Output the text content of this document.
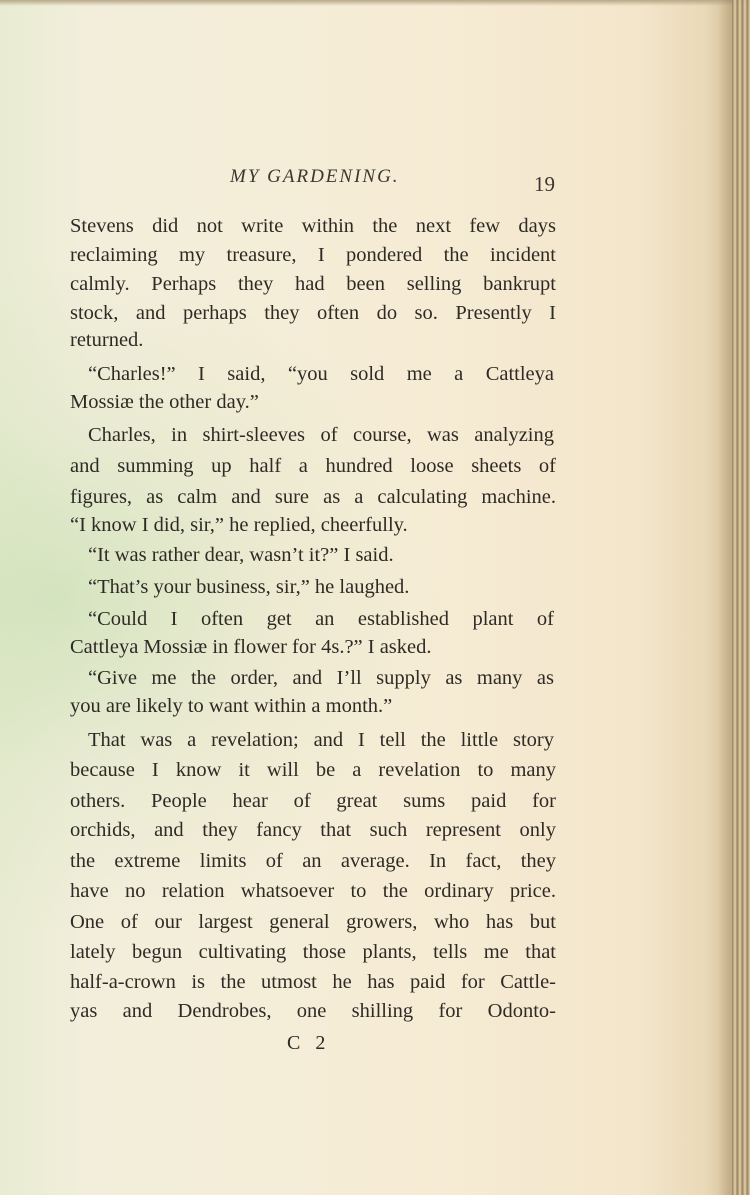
MY GARDENING.	19
Stevens did not write within the next few days
reclaiming my treasure, I pondered the incident
calmly. Perhaps they had been selling bankrupt
stock, and perhaps they often do so. Presently I
returned.
“Charles!” I said, “you sold me a Cattleya
Mossiæ the other day.”
Charles, in shirt-sleeves of course, was analyzing
and summing up half a hundred loose sheets of
figures, as calm and sure as a calculating machine.
“I know I did, sir,” he replied, cheerfully.
“It was rather dear, wasn’t it?” I said.
“That’s your business, sir,” he laughed.
“Could I often get an established plant of
Cattleya Mossiæ in flower for 4s.?” I asked.
“Give me the order, and I’ll supply as many as
you are likely to want within a month.”
That was a revelation; and I tell the little story
because I know it will be a revelation to many
others. People hear of great sums paid for
orchids, and they fancy that such represent only
the extreme limits of an average. In fact, they
have no relation whatsoever to the ordinary price.
One of our largest general growers, who has but
lately begun cultivating those plants, tells me that
half-a-crown is the utmost he has paid for Cattle-
yas and Dendrobes, one shilling for Odonto-
C 2
